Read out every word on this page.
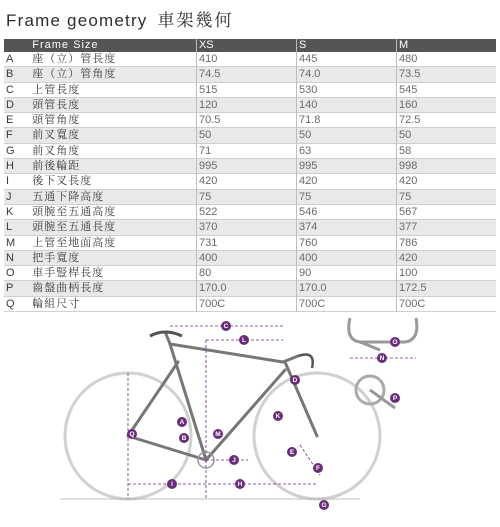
Frame geometry 車架幾何
	Frame Size	XS	S	M
A	座（立）管長度	410	445	480
B	座（立）管角度	74.5	74.0	73.5
C	上管長度	515	530	545
D	頭管長度	120	140	160
E	頭管角度	70.5	71.8	72.5
F	前叉寬度	50	50	50
G	前叉角度	71	63	58
H	前後輪距	995	995	998
I	後下叉長度	420	420	420
J	五通下降高度	75	75	75
K	頭腕至五通高度	522	546	567
L	頭腕至五通長度	370	374	377
M	上管至地面高度	731	760	786
N	把手寬度	400	400	420
O	車手豎桿長度	80	90	100
P	齒盤曲柄長度	170.0	170.0	172.5
Q	輪組尺寸	700C	700C	700C
C
L
D
O
N
P
K
E
M
B
A
Q
J
F
I	H
G
